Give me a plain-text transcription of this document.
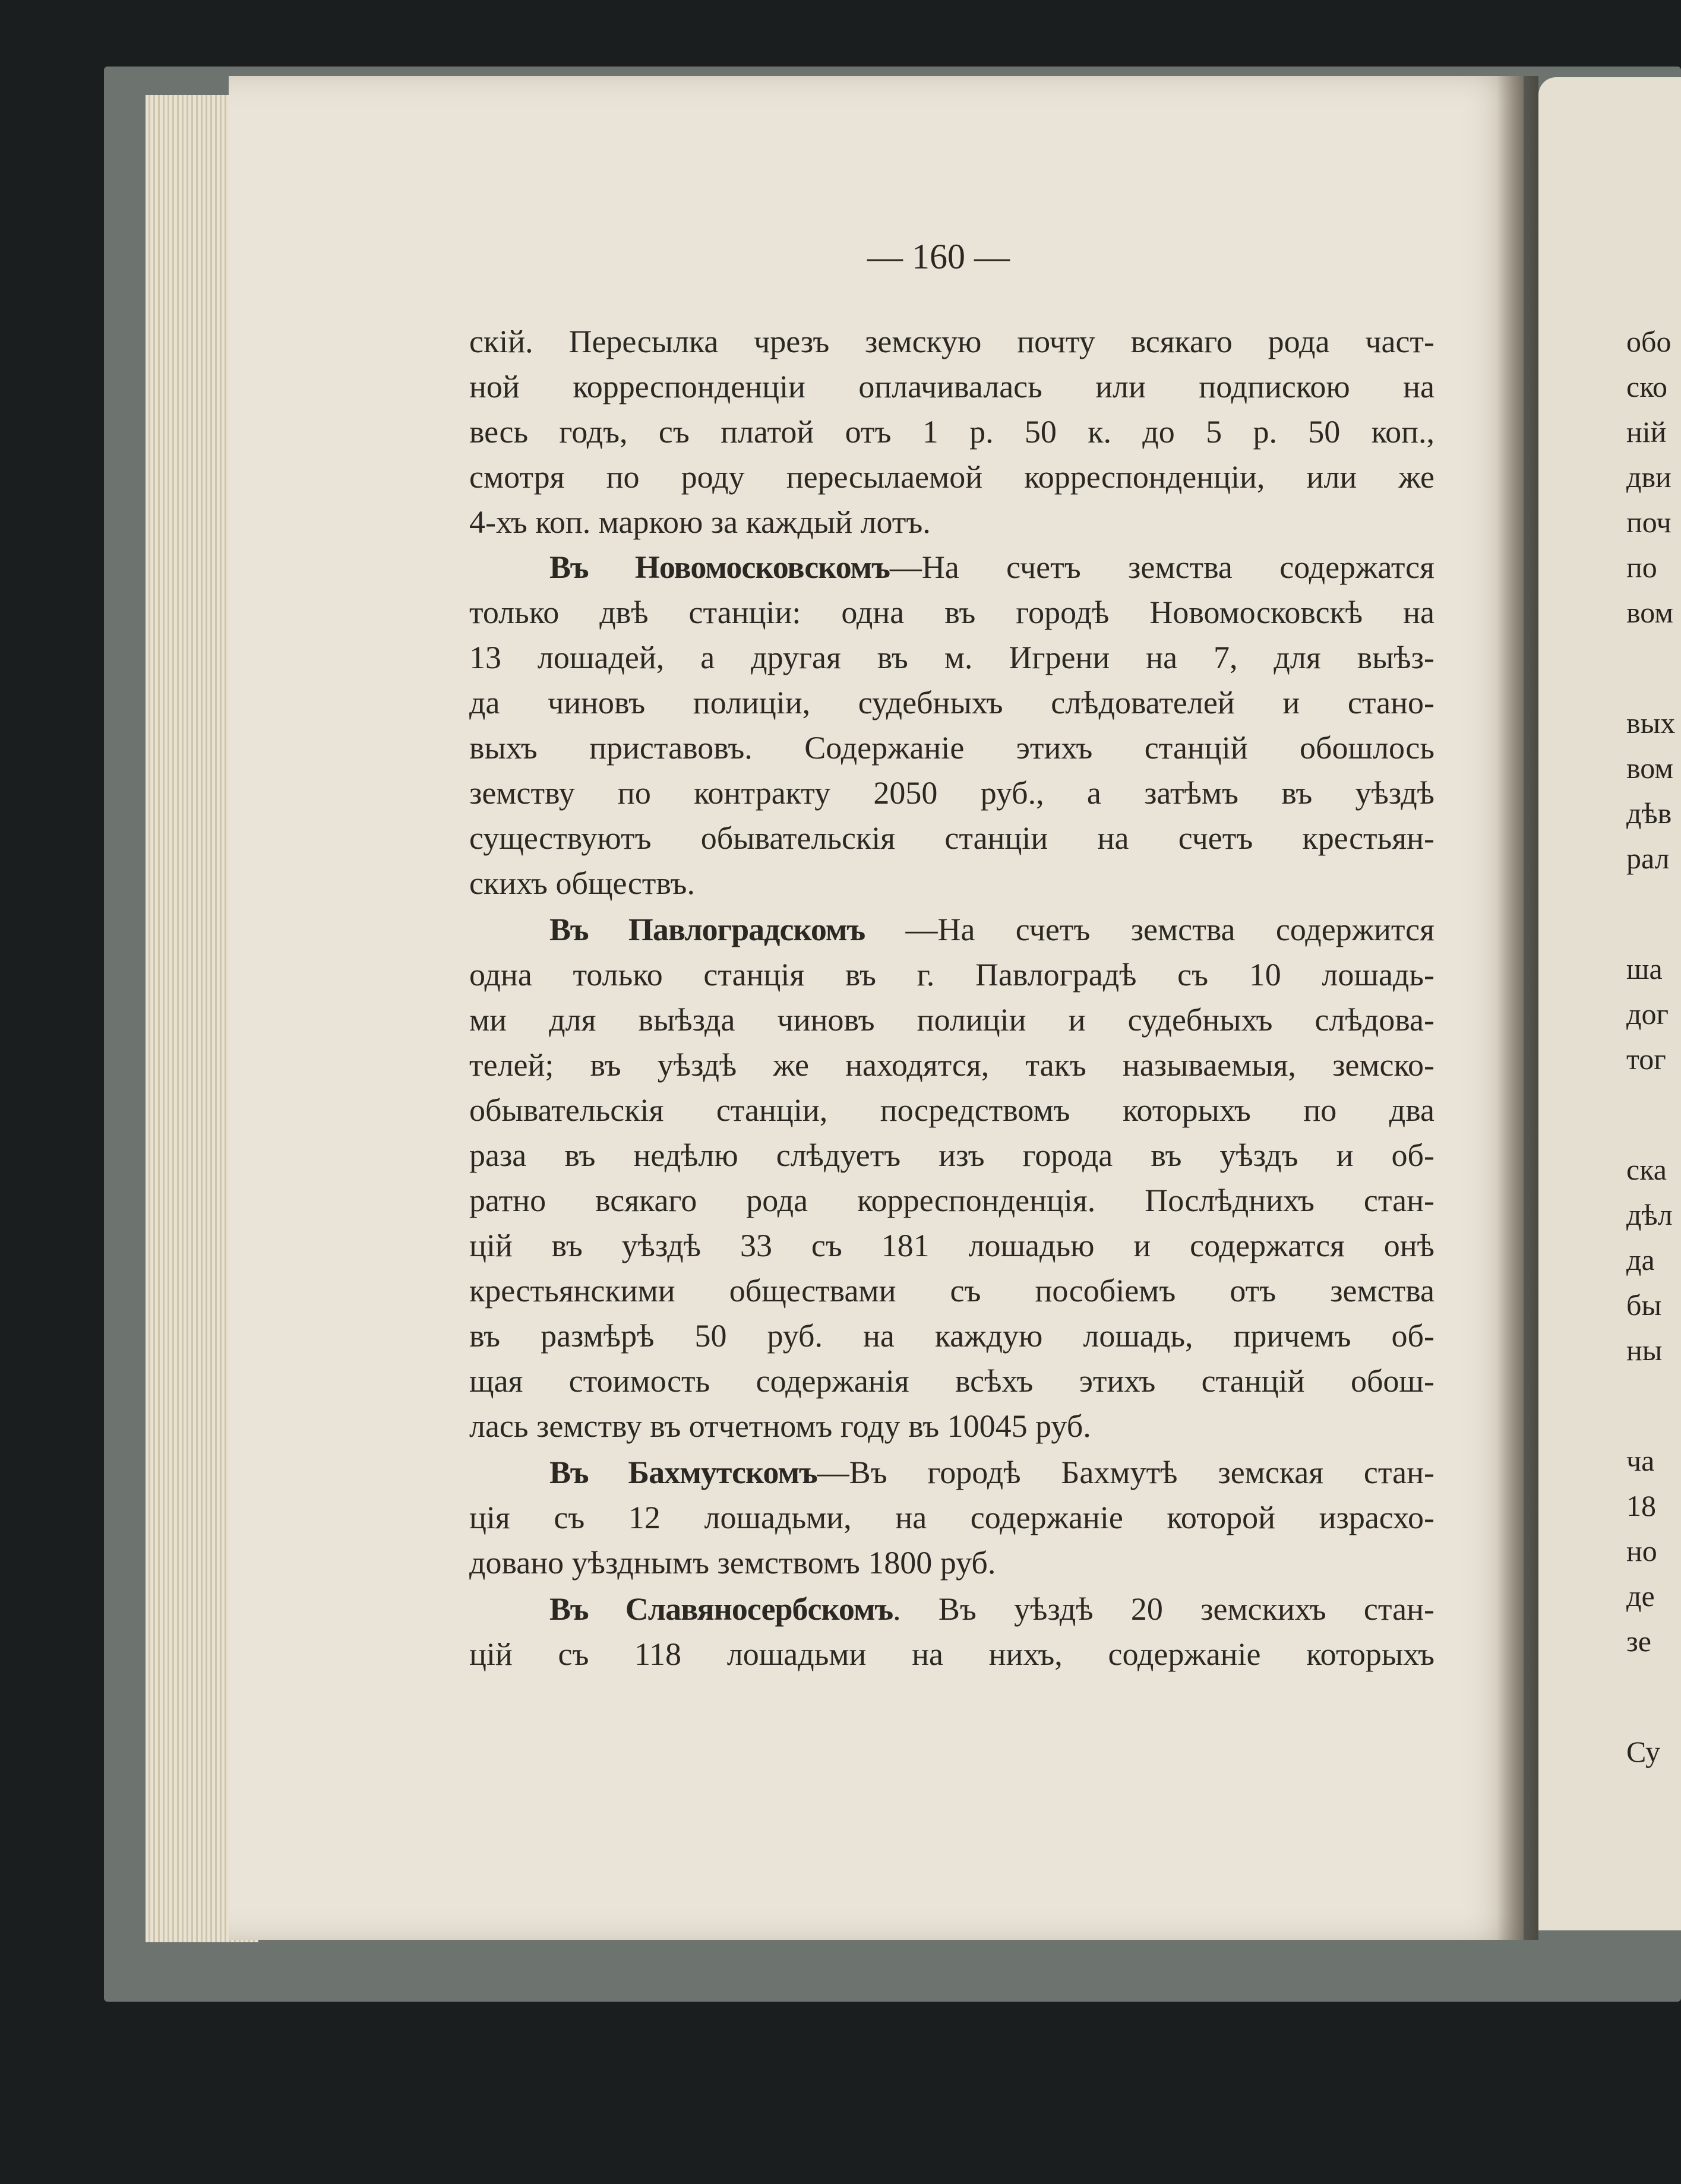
— 160 —
скій. Пересылка чрезъ земскую почту всякаго рода част-
ной корреспонденціи оплачивалась или подпискою на
весь годъ, съ платой отъ 1 р. 50 к. до 5 р. 50 коп.,
смотря по роду пересылаемой корреспонденціи, или же
4-хъ коп. маркою за каждый лотъ.
Въ Новомосковскомъ—На счетъ земства содержатся
только двѣ станціи: одна въ городѣ Новомосковскѣ на
13 лошадей, а другая въ м. Игрени на 7, для выѣз-
да чиновъ полиціи, судебныхъ слѣдователей и стано-
выхъ приставовъ. Содержаніе этихъ станцій обошлось
земству по контракту 2050 руб., а затѣмъ въ уѣздѣ
существуютъ обывательскія станціи на счетъ крестьян-
скихъ обществъ.
Въ Павлоградскомъ —На счетъ земства содержится
одна только станція въ г. Павлоградѣ съ 10 лошадь-
ми для выѣзда чиновъ полиціи и судебныхъ слѣдова-
телей; въ уѣздѣ же находятся, такъ называемыя, земско-
обывательскія станціи, посредствомъ которыхъ по два
раза въ недѣлю слѣдуетъ изъ города въ уѣздъ и об-
ратно всякаго рода корреспонденція. Послѣднихъ стан-
цій въ уѣздѣ 33 съ 181 лошадью и содержатся онѣ
крестьянскими обществами съ пособіемъ отъ земства
въ размѣрѣ 50 руб. на каждую лошадь, причемъ об-
щая стоимость содержанія всѣхъ этихъ станцій обош-
лась земству въ отчетномъ году въ 10045 руб.
Въ Бахмутскомъ—Въ городѣ Бахмутѣ земская стан-
ція съ 12 лошадьми, на содержаніе которой израсхо-
довано уѣзднымъ земствомъ 1800 руб.
Въ Славяносербскомъ. Въ уѣздѣ 20 земскихъ стан-
цій съ 118 лошадьми на нихъ, содержаніе которыхъ
обо
ско
ній
дви
поч
по
вом
вых
вом
дѣв
рал
ша
дог
тог
ска
дѣл
да
бы
ны
ча
18
но
де
зе
Су
